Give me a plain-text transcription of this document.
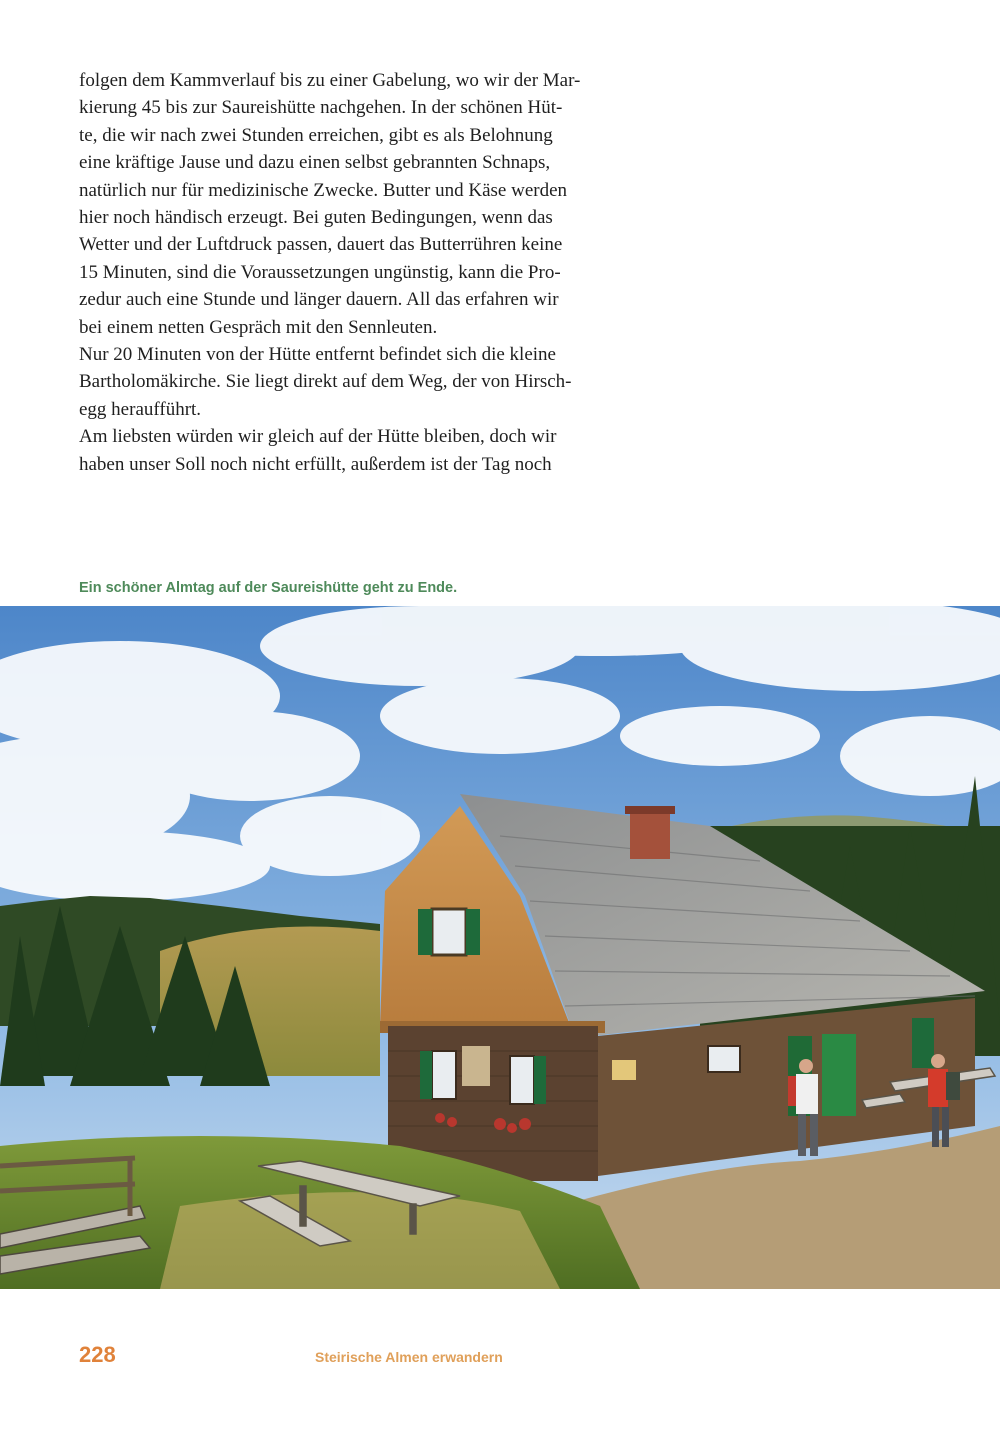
folgen dem Kammverlauf bis zu einer Gabelung, wo wir der Mar-
kierung 45 bis zur Saureishütte nachgehen. In der schönen Hüt-
te, die wir nach zwei Stunden erreichen, gibt es als Belohnung
eine kräftige Jause und dazu einen selbst gebrannten Schnaps,
natürlich nur für medizinische Zwecke. Butter und Käse werden
hier noch händisch erzeugt. Bei guten Bedingungen, wenn das
Wetter und der Luftdruck passen, dauert das Butterrühren keine
15 Minuten, sind die Voraussetzungen ungünstig, kann die Pro-
zedur auch eine Stunde und länger dauern. All das erfahren wir
bei einem netten Gespräch mit den Sennleuten.
Nur 20 Minuten von der Hütte entfernt befindet sich die kleine
Bartholomäkirche. Sie liegt direkt auf dem Weg, der von Hirsch-
egg heraufführt.
Am liebsten würden wir gleich auf der Hütte bleiben, doch wir
haben unser Soll noch nicht erfüllt, außerdem ist der Tag noch
Ein schöner Almtag auf der Saureishütte geht zu Ende.
228	Steirische Almen erwandern
